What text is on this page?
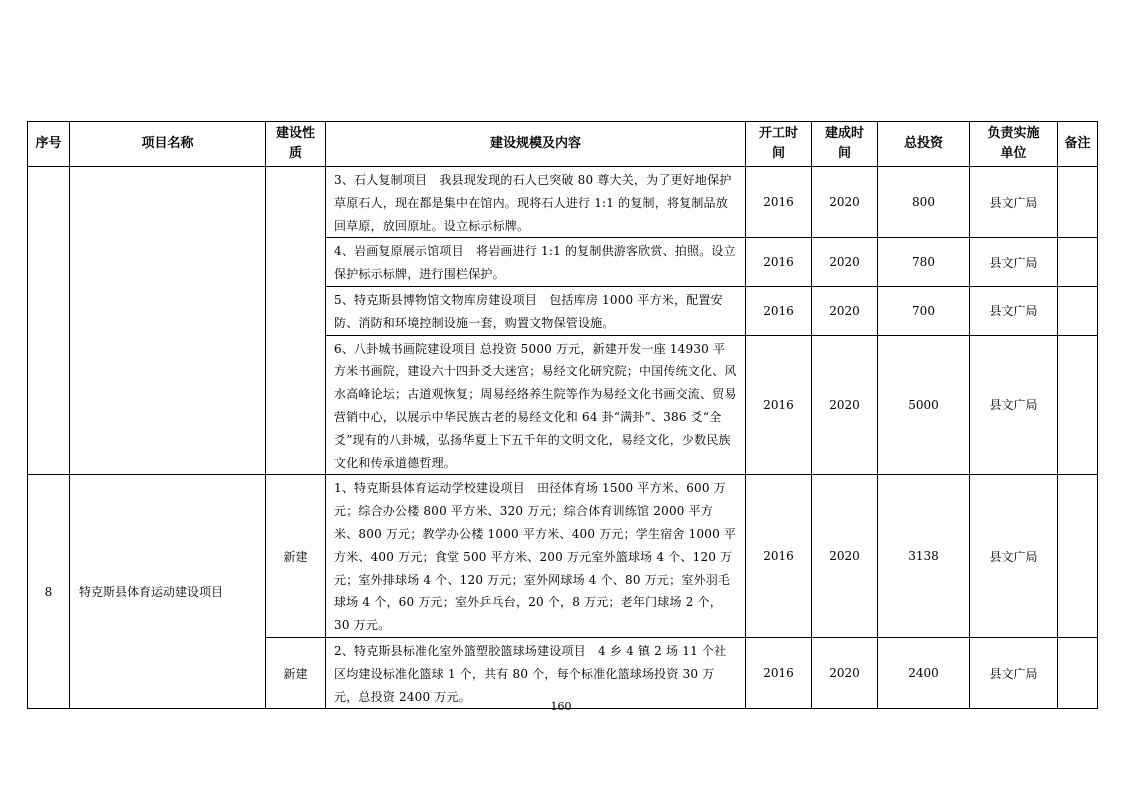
序号	项目名称	建设性质	建设规模及内容	开工时间	建成时间	总投资	负责实施单位	备注
			3、石人复制项目　我县现发现的石人已突破 80 尊大关，为了更好地保护草原石人，现在都是集中在馆内。现将石人进行 1:1 的复制，将复制品放回草原，放回原址。设立标示标牌。	2016	2020	800	县文广局	
			4、岩画复原展示馆项目　将岩画进行 1:1 的复制供游客欣赏、拍照。设立保护标示标牌，进行围栏保护。	2016	2020	780	县文广局	
			5、特克斯县博物馆文物库房建设项目　包括库房 1000 平方米，配置安防、消防和环境控制设施一套，购置文物保管设施。	2016	2020	700	县文广局	
			6、八卦城书画院建设项目 总投资 5000 万元，新建开发一座 14930 平方米书画院，建设六十四卦爻大迷宫；易经文化研究院；中国传统文化、风水高峰论坛；古道观恢复；周易经络养生院等作为易经文化书画交流、贸易营销中心，以展示中华民族古老的易经文化和 64 卦“满卦”、386 爻“全爻”现有的八卦城，弘扬华夏上下五千年的文明文化，易经文化，少数民族文化和传承道德哲理。	2016	2020	5000	县文广局	
8	特克斯县体育运动建设项目	新建	1、特克斯县体育运动学校建设项目　田径体育场 1500 平方米、600 万元；综合办公楼 800 平方米、320 万元；综合体育训练馆 2000 平方米、800 万元；教学办公楼 1000 平方米、400 万元；学生宿舍 1000 平方米、400 万元；食堂 500 平方米、200 万元室外篮球场 4 个、120 万元；室外排球场 4 个、120 万元；室外网球场 4 个、80 万元；室外羽毛球场 4 个，60 万元；室外乒乓台，20 个，8 万元；老年门球场 2 个，30 万元。	2016	2020	3138	县文广局	
		新建	2、特克斯县标准化室外篮塑胶篮球场建设项目　4 乡 4 镇 2 场 11 个社区均建设标准化篮球 1 个，共有 80 个，每个标准化篮球场投资 30 万元，总投资 2400 万元。	2016	2020	2400	县文广局	
160
